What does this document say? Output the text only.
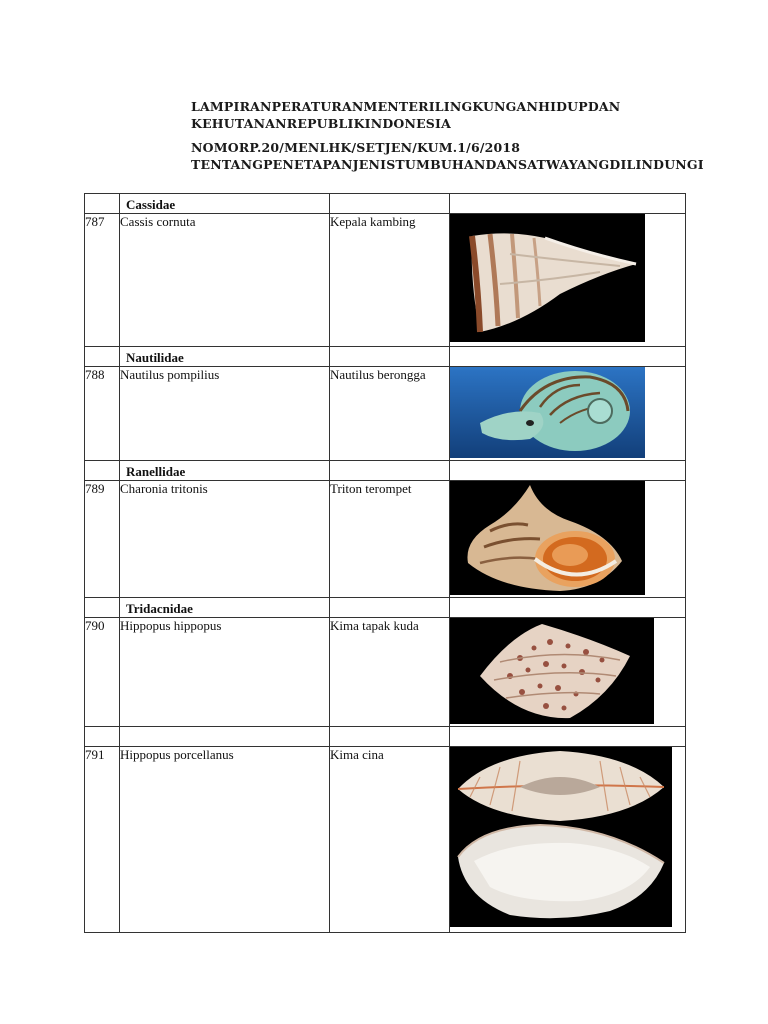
LAMPIRANPERATURANMENTERILINGKUNGANHIDUPDAN
KEHUTANANREPUBLIKINDONESIA
NOMORP.20/MENLHK/SETJEN/KUM.1/6/2018
TENTANGPENETAPANJENISTUMBUHANDANSATWAYANGDILINDUNGI
	Cassidae		
787	Cassis cornuta	Kepala kambing	

	Nautilidae		
788	Nautilus pompilius	Nautilus berongga	

	Ranellidae		
789	Charonia tritonis	Triton terompet	

	Tridacnidae		
790	Hippopus hippopus	Kima tapak kuda	

791	Hippopus porcellanus	Kima cina	
